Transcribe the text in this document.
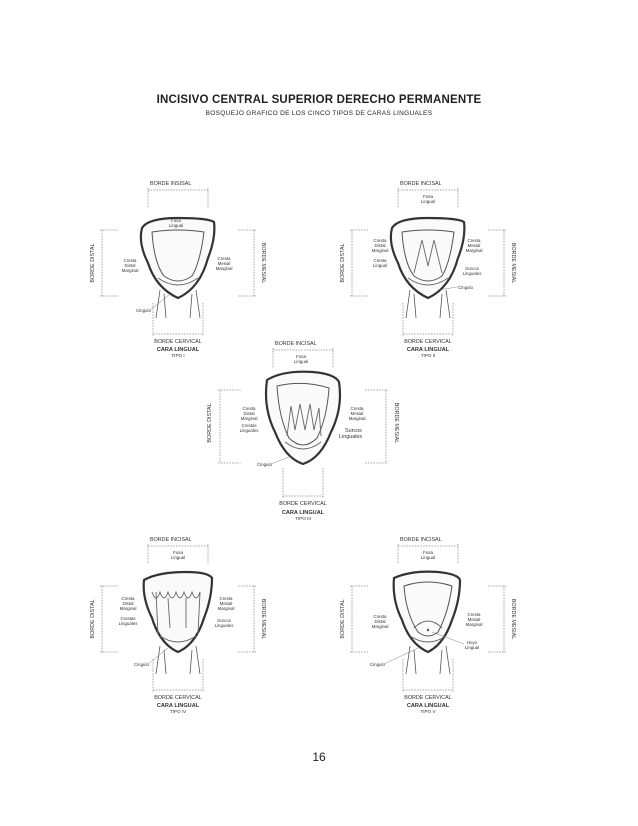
INCISIVO CENTRAL SUPERIOR DERECHO PERMANENTE
BOSQUEJO GRAFICO DE LOS CINCO TIPOS DE CARAS LINGUALES
BORDE INSISAL
Fosa
Lingual
Cresta
Distal
Marginal
Cresta
Mesial
Marginal
Cingulo
BORDE DISTAL	BORDE MESIAL
BORDE CERVICAL
CARA LINGUAL
TIPO I
BORDE INCISAL
Fosa
Lingual
Cresta
Distal
Marginal
Cresta
Lingual
Cresta
Mesial
Marginal
Surcos
Linguales
Cingulo
BORDE DISTAL	BORDE MESIAL
BORDE CERVICAL
CARA LINGUAL
TIPO II
BORDE INCISAL
Fosa
Lingual
Cresta
Distal
Marginal
Crestas
Linguales
Cresta
Mesial
Marginal
Surcos
Linguales
Cingulo
BORDE DISTAL	BORDE MESIAL
BORDE CERVICAL
CARA LINGUAL
TIPO III
BORDE INCISAL
Fosa
Lingual
Cresta
Distal
Marginal
Crestas
Linguales
Cresta
Mesial
Marginal
Surcos
Linguales
Cingulo
BORDE DISTAL	BORDE MESIAL
BORDE CERVICAL
CARA LINGUAL
TIPO IV
BORDE INCISAL
Fosa
Lingual
Cresta
Distal
Marginal
Cresta
Mesial
Marginal
Hoyo
Lingual
Cingulo
BORDE DISTAL	BORDE MESIAL
BORDE CERVICAL
CARA LINGUAL
TIPO V
16
